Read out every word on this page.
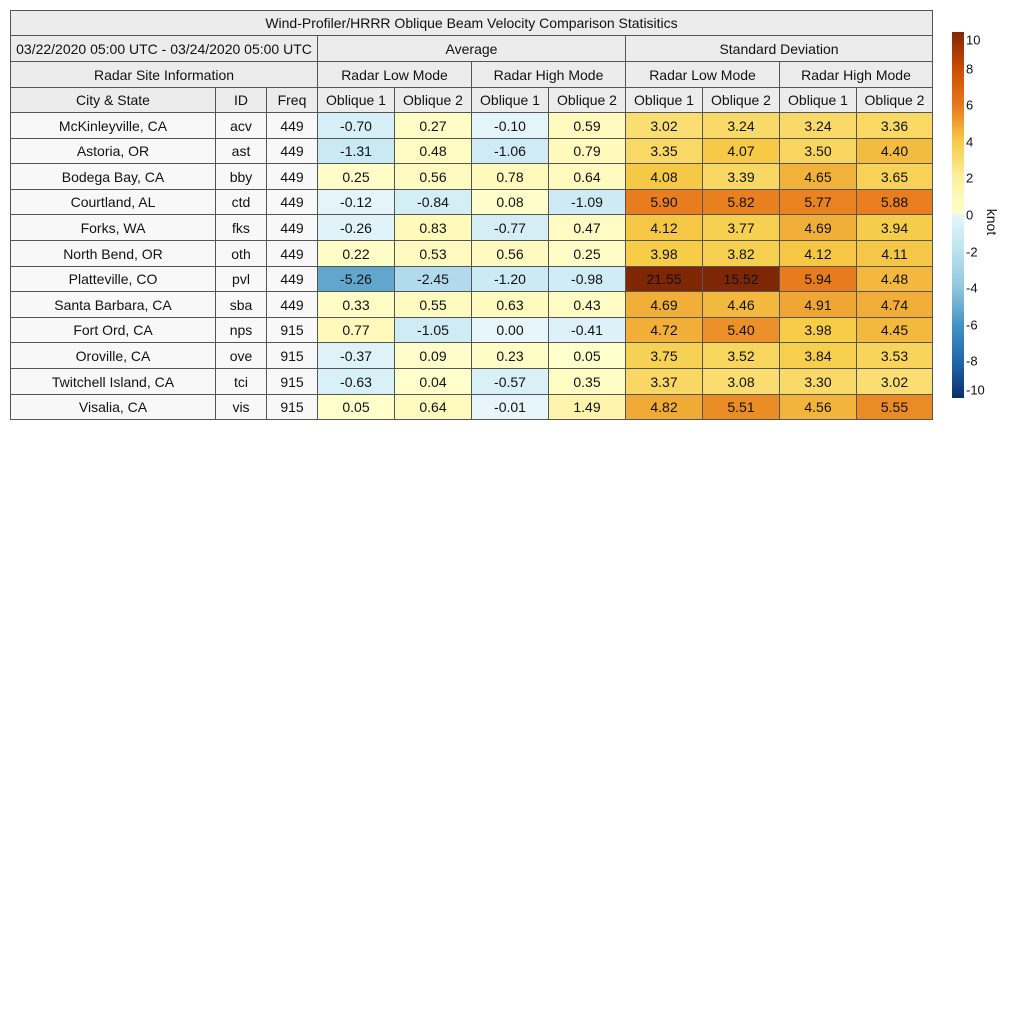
Wind-Profiler/HRRR Oblique Beam Velocity Comparison Statisitics
03/22/2020 05:00 UTC - 03/24/2020 05:00 UTC	Average	Standard Deviation
Radar Site Information	Radar Low Mode	Radar High Mode	Radar Low Mode	Radar High Mode
City & State	ID	Freq	Oblique 1	Oblique 2	Oblique 1	Oblique 2	Oblique 1	Oblique 2	Oblique 1	Oblique 2
McKinleyville, CA	acv	449	-0.70	0.27	-0.10	0.59	3.02	3.24	3.24	3.36
Astoria, OR	ast	449	-1.31	0.48	-1.06	0.79	3.35	4.07	3.50	4.40
Bodega Bay, CA	bby	449	0.25	0.56	0.78	0.64	4.08	3.39	4.65	3.65
Courtland, AL	ctd	449	-0.12	-0.84	0.08	-1.09	5.90	5.82	5.77	5.88
Forks, WA	fks	449	-0.26	0.83	-0.77	0.47	4.12	3.77	4.69	3.94
North Bend, OR	oth	449	0.22	0.53	0.56	0.25	3.98	3.82	4.12	4.11
Platteville, CO	pvl	449	-5.26	-2.45	-1.20	-0.98	21.55	15.52	5.94	4.48
Santa Barbara, CA	sba	449	0.33	0.55	0.63	0.43	4.69	4.46	4.91	4.74
Fort Ord, CA	nps	915	0.77	-1.05	0.00	-0.41	4.72	5.40	3.98	4.45
Oroville, CA	ove	915	-0.37	0.09	0.23	0.05	3.75	3.52	3.84	3.53
Twitchell Island, CA	tci	915	-0.63	0.04	-0.57	0.35	3.37	3.08	3.30	3.02
Visalia, CA	vis	915	0.05	0.64	-0.01	1.49	4.82	5.51	4.56	5.55
10
8
6
4
2
0
-2
-4
-6
-8
-10
knot
